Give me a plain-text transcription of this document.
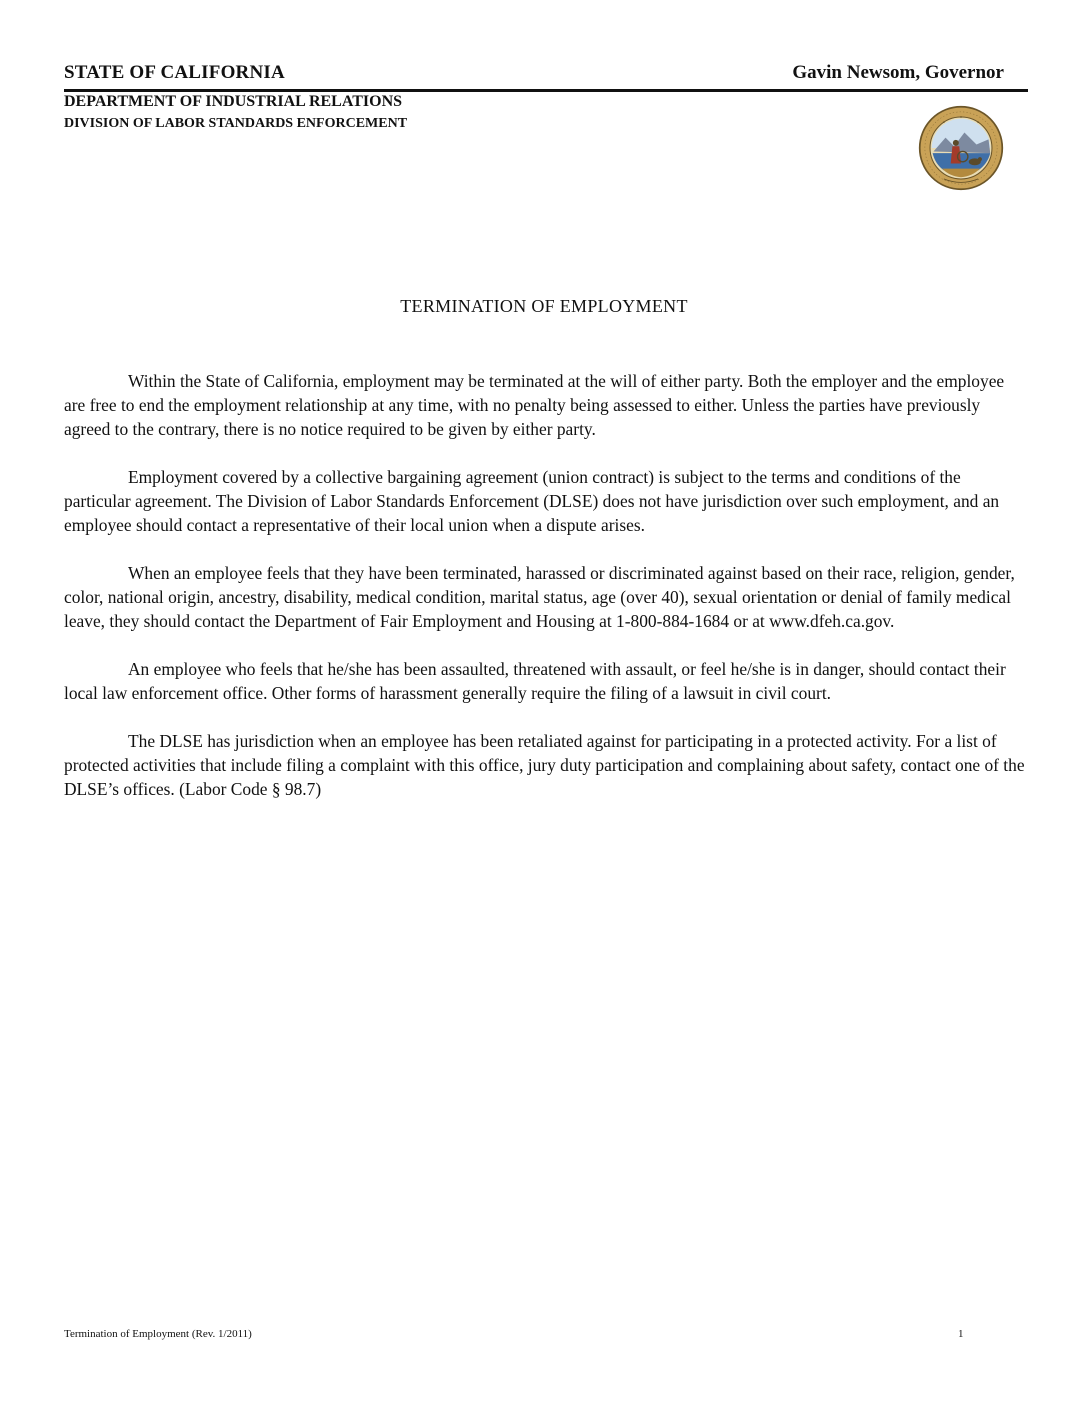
STATE OF CALIFORNIA	Gavin Newsom, Governor
DEPARTMENT OF INDUSTRIAL RELATIONS
DIVISION OF LABOR STANDARDS ENFORCEMENT
TERMINATION OF EMPLOYMENT

Within the State of California, employment may be terminated at the will of either party. Both the employer and the employee are free to end the employment relationship at any time, with no penalty being assessed to either. Unless the parties have previously agreed to the contrary, there is no notice required to be given by either party.

Employment covered by a collective bargaining agreement (union contract) is subject to the terms and conditions of the particular agreement. The Division of Labor Standards Enforcement (DLSE) does not have jurisdiction over such employment, and an employee should contact a representative of their local union when a dispute arises.

When an employee feels that they have been terminated, harassed or discriminated against based on their race, religion, gender, color, national origin, ancestry, disability, medical condition, marital status, age (over 40), sexual orientation or denial of family medical leave, they should contact the Department of Fair Employment and Housing at 1-800-884-1684 or at www.dfeh.ca.gov.

An employee who feels that he/she has been assaulted, threatened with assault, or feel he/she is in danger, should contact their local law enforcement office. Other forms of harassment generally require the filing of a lawsuit in civil court.

The DLSE has jurisdiction when an employee has been retaliated against for participating in a protected activity. For a list of protected activities that include filing a complaint with this office, jury duty participation and complaining about safety, contact one of the DLSE’s offices. (Labor Code § 98.7)

Termination of Employment (Rev. 1/2011)	1
